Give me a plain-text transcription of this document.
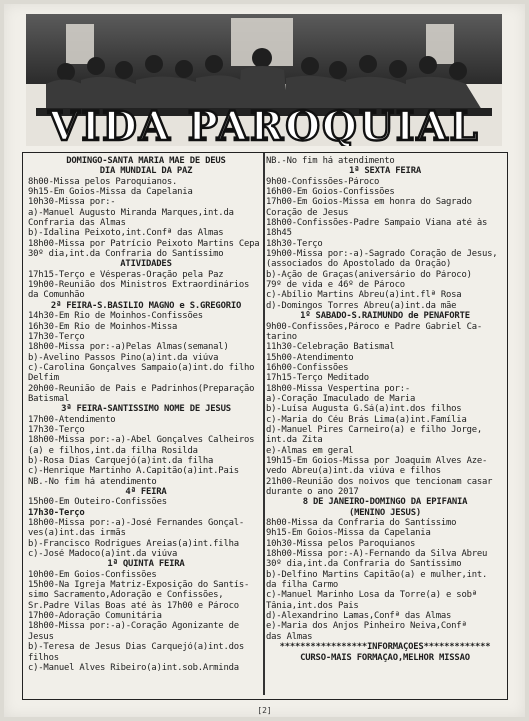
VIDA PAROQUIAL
DOMINGO-SANTA MARIA MÃE DE DEUS
DIA MUNDIAL DA PAZ
8h00-Missa pelos Paroquianos.
9h15-Em Goios-Missa da Capelania
10h30-Missa por:-
a)-Manuel Augusto Miranda Marques,int.da
Confraria das Almas
b)-Idalina Peixoto,int.Confª das Almas
18h00-Missa por Patrício Peixoto Martins Cepa
30º dia,int.da Confraria do Santíssimo
ATIVIDADES
17h15-Terço e Vésperas-Oração pela Paz
19h00-Reunião dos Ministros Extraordinários
da Comunhão
2ª FEIRA-S.BASÍLIO MAGNO e S.GREGÓRIO
14h30-Em Rio de Moinhos-Confissões
16h30-Em Rio de Moinhos-Missa
17h30-Terço
18h00-Missa por:-a)Pelas Almas(semanal)
b)-Avelino Passos Pino(a)int.da viúva
c)-Carolina Gonçalves Sampaio(a)int.do filho
Delfim
20h00-Reunião de Pais e Padrinhos(Preparação
Batismal
3ª FEIRA-SANTÍSSIMO NOME DE JESUS
17h00-Atendimento
17h30-Terço
18h00-Missa por:-a)-Abel Gonçalves Calheiros
(a) e filhos,int.da filha Rosilda
b)-Rosa Dias Carquejó(a)int.da filha
c)-Henrique Martinho A.Capitão(a)int.Pais
NB.-No fim há atendimento
4ª FEIRA
15h00-Em Outeiro-Confissões
17h30-Terço
18h00-Missa por:-a)-José Fernandes Gonçal-
ves(a)int.das irmãs
b)-Francisco Rodrigues Areias(a)int.filha
c)-José Madoco(a)int.da viúva
1ª QUINTA FEIRA
10h00-Em Goios-Confissões
15h00-Na Igreja Matriz-Exposição do Santís-
simo Sacramento,Adoração e Confissões,
Sr.Padre Vilas Boas até às 17h00 e Pároco
17h00-Adoração Comunitária
18h00-Missa por:-a)-Coração Agonizante de
Jesus
b)-Teresa de Jesus Dias Carquejó(a)int.dos
filhos
c)-Manuel Alves Ribeiro(a)int.sob.Arminda
NB.-No fim há atendimento
1ª SEXTA FEIRA
9h00-Confissões-Pároco
16h00-Em Goios-Confissões
17h00-Em Goios-Missa em honra do Sagrado
Coração de Jesus
18h00-Confissões-Padre Sampaio Viana até às
18h45
18h30-Terço
19h00-Missa por:-a)-Sagrado Coração de Jesus,
(associados do Apostolado da Oração)
b)-Ação de Graças(aniversário do Pároco)
79º de vida e 46º de Pároco
c)-Abílio Martins Abreu(a)int.flª Rosa
d)-Domingos Torres Abreu(a)int.da mãe
1º SÁBADO-S.RAIMUNDO de PENAFORTE
9h00-Confissões,Pároco e Padre Gabriel Ca-
tarino
11h30-Celebração Batismal
15h00-Atendimento
16h00-Confissões
17h15-Terço Meditado
18h00-Missa Vespertina por:-
a)-Coração Imaculado de Maria
b)-Luísa Augusta G.Sá(a)int.dos filhos
c)-Maria do Céu Brás Lima(a)int.Família
d)-Manuel Pires Carneiro(a) e filho Jorge,
int.da Zita
e)-Almas em geral
19h15-Em Goios-Missa por Joaquim Alves Aze-
vedo Abreu(a)int.da viúva e filhos
21h00-Reunião dos noivos que tencionam casar
durante o ano 2017
8 DE JANEIRO-DOMINGO DA EPIFANIA
(MENINO JESUS)
8h00-Missa da Confraria do Santíssimo
9h15-Em Goios-Missa da Capelania
10h30-Missa pelos Paroquianos
18h00-Missa por:-A)-Fernando da Silva Abreu
30º dia,int.da Confraria do Santíssimo
b)-Delfino Martins Capitão(a) e mulher,int.
da filha Carmo
c)-Manuel Marinho Losa da Torre(a) e sobª
Tânia,int.dos Pais
d)-Alexandrino Lamas,Confª das Almas
e)-Maria dos Anjos Pinheiro Neiva,Confª
das Almas
*****************INFORMAÇÕES*************
CURSO-MAIS FORMAÇÃO,MELHOR MISSÃO
[2]
